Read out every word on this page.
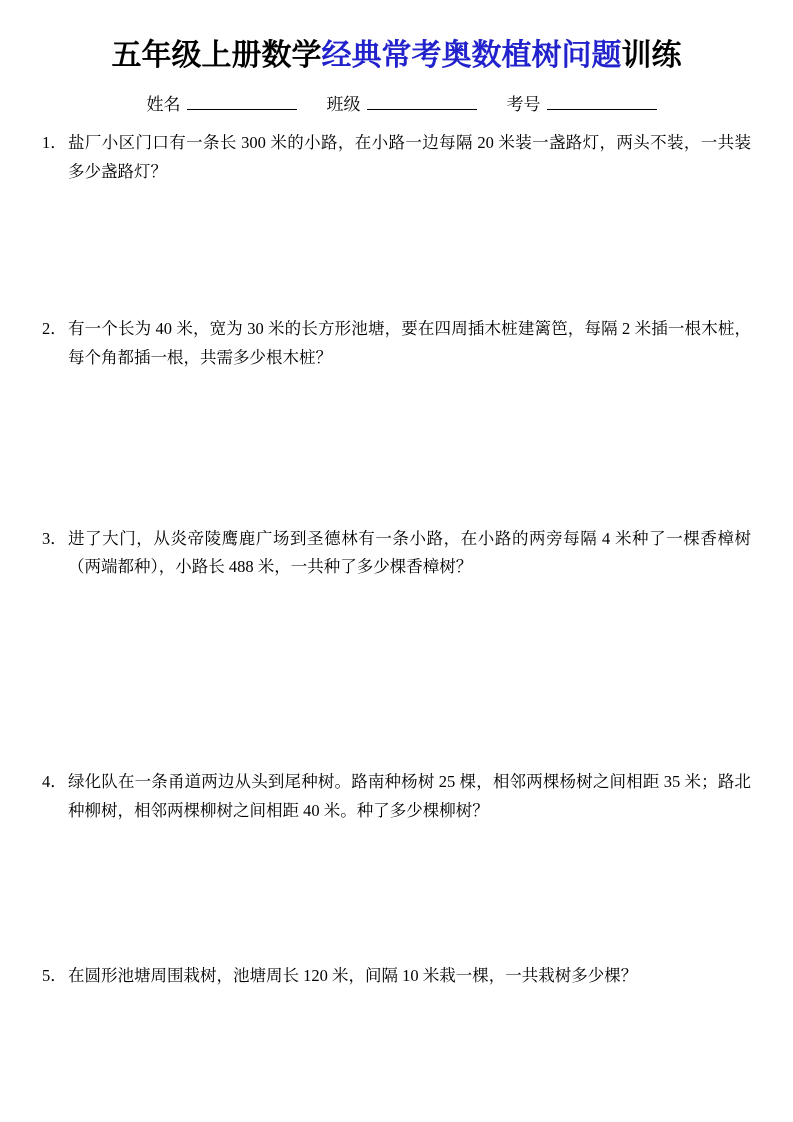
五年级上册数学经典常考奥数植树问题训练
姓名	班级	考号
1． 盐厂小区门口有一条长 300 米的小路，在小路一边每隔 20 米装一盏路灯，两头不装，一共装多少盏路灯？
2． 有一个长为 40 米，宽为 30 米的长方形池塘，要在四周插木桩建篱笆，每隔 2 米插一根木桩，每个角都插一根，共需多少根木桩？
3． 进了大门，从炎帝陵鹰鹿广场到圣德林有一条小路，在小路的两旁每隔 4 米种了一棵香樟树（两端都种），小路长 488 米，一共种了多少棵香樟树？
4． 绿化队在一条甬道两边从头到尾种树。路南种杨树 25 棵，相邻两棵杨树之间相距 35 米；路北种柳树，相邻两棵柳树之间相距 40 米。种了多少棵柳树？
5． 在圆形池塘周围栽树，池塘周长 120 米，间隔 10 米栽一棵，一共栽树多少棵？
